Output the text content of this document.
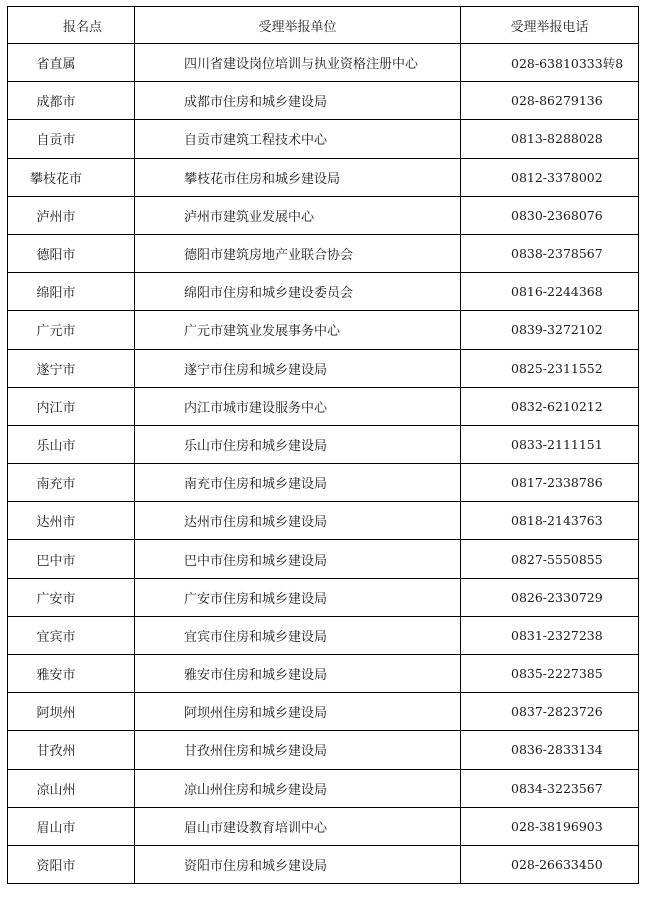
报名点	受理举报单位	受理举报电话
省直属	四川省建设岗位培训与执业资格注册中心	028-63810333转8
成都市	成都市住房和城乡建设局	028-86279136
自贡市	自贡市建筑工程技术中心	0813-8288028
攀枝花市	攀枝花市住房和城乡建设局	0812-3378002
泸州市	泸州市建筑业发展中心	0830-2368076
德阳市	德阳市建筑房地产业联合协会	0838-2378567
绵阳市	绵阳市住房和城乡建设委员会	0816-2244368
广元市	广元市建筑业发展事务中心	0839-3272102
遂宁市	遂宁市住房和城乡建设局	0825-2311552
内江市	内江市城市建设服务中心	0832-6210212
乐山市	乐山市住房和城乡建设局	0833-2111151
南充市	南充市住房和城乡建设局	0817-2338786
达州市	达州市住房和城乡建设局	0818-2143763
巴中市	巴中市住房和城乡建设局	0827-5550855
广安市	广安市住房和城乡建设局	0826-2330729
宜宾市	宜宾市住房和城乡建设局	0831-2327238
雅安市	雅安市住房和城乡建设局	0835-2227385
阿坝州	阿坝州住房和城乡建设局	0837-2823726
甘孜州	甘孜州住房和城乡建设局	0836-2833134
凉山州	凉山州住房和城乡建设局	0834-3223567
眉山市	眉山市建设教育培训中心	028-38196903
资阳市	资阳市住房和城乡建设局	028-26633450
